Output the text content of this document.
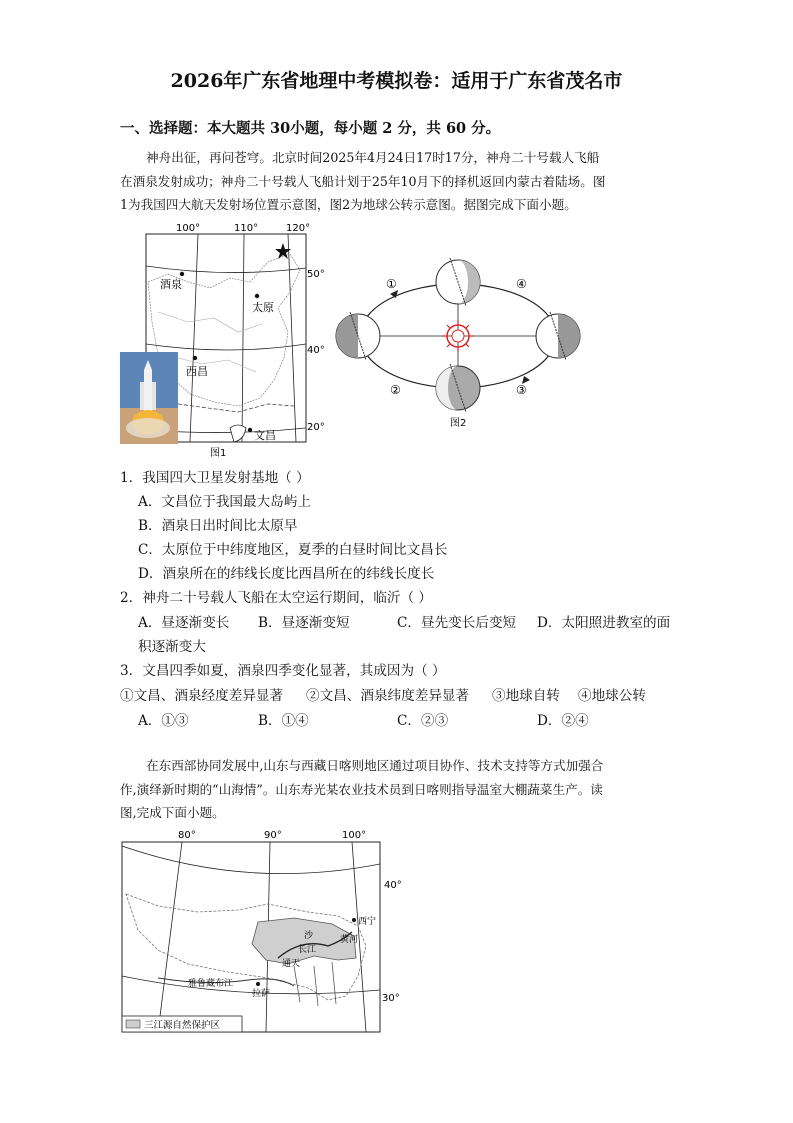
2026年广东省地理中考模拟卷：适用于广东省茂名市
一、选择题：本大题共 30小题，每小题 2 分，共 60 分。
神舟出征，再问苍穹。北京时间2025年4月24日17时17分，神舟二十号载人飞船
在酒泉发射成功；神舟二十号载人飞船计划于25年10月下的择机返回内蒙古着陆场。图
1为我国四大航天发射场位置示意图，图2为地球公转示意图。据图完成下面小题。
100°	110°	120°
50°
40°
20°
酒泉
太原
西昌
文昌
图1
①	④
②	③
图2
1．我国四大卫星发射基地（ ）
A．文昌位于我国最大岛屿上
B．酒泉日出时间比太原早
C．太原位于中纬度地区，夏季的白昼时间比文昌长
D．酒泉所在的纬线长度比西昌所在的纬线长度长
2．神舟二十号载人飞船在太空运行期间，临沂（ ）
A．昼逐渐变长 B．昼逐渐变短	C．昼先变长后变短 D．太阳照进教室的面
积逐渐变大
3．文昌四季如夏，酒泉四季变化显著，其成因为（ ）
①文昌、酒泉经度差异显著 ②文昌、酒泉纬度差异显著 ③地球自转 ④地球公转
A．①③	B．①④	C．②③	D．②④
在东西部协同发展中,山东与西藏日喀则地区通过项目协作、技术支持等方式加强合
作,演绎新时期的“山海情”。山东寿光某农业技术员到日喀则指导温室大棚蔬菜生产。读
图,完成下面小题。
80°	90°	100°
40°
30°
西宁
黄河
长江
沙
通天
雅鲁藏布江
拉萨
三江源自然保护区
